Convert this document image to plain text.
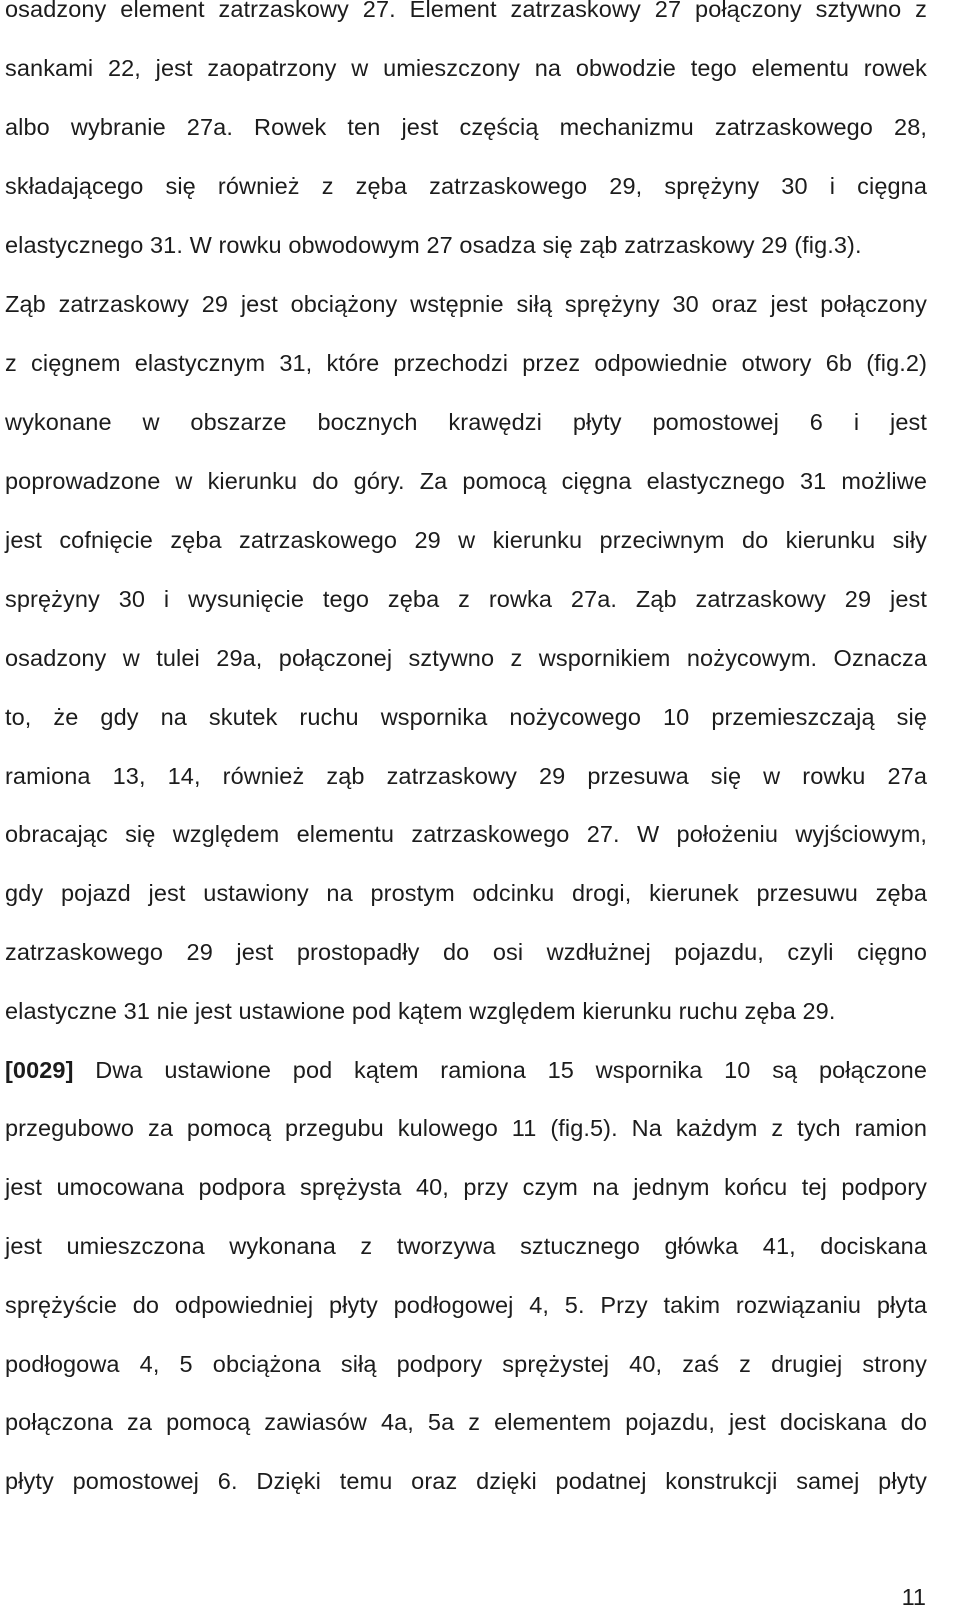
osadzony element zatrzaskowy 27. Element zatrzaskowy 27 połączony sztywno z
sankami 22, jest zaopatrzony w umieszczony na obwodzie tego elementu rowek
albo wybranie 27a. Rowek ten jest częścią mechanizmu zatrzaskowego 28,
składającego się również z zęba zatrzaskowego 29, sprężyny 30 i cięgna
elastycznego 31. W rowku obwodowym 27 osadza się ząb zatrzaskowy 29 (fig.3).
Ząb zatrzaskowy 29 jest obciążony wstępnie siłą sprężyny 30 oraz jest połączony
z cięgnem elastycznym 31, które przechodzi przez odpowiednie otwory 6b (fig.2)
wykonane w obszarze bocznych krawędzi płyty pomostowej 6 i jest
poprowadzone w kierunku do góry. Za pomocą cięgna elastycznego 31 możliwe
jest cofnięcie zęba zatrzaskowego 29 w kierunku przeciwnym do kierunku siły
sprężyny 30 i wysunięcie tego zęba z rowka 27a. Ząb zatrzaskowy 29 jest
osadzony w tulei 29a, połączonej sztywno z wspornikiem nożycowym. Oznacza
to, że gdy na skutek ruchu wspornika nożycowego 10 przemieszczają się
ramiona 13, 14, również ząb zatrzaskowy 29 przesuwa się w rowku 27a
obracając się względem elementu zatrzaskowego 27. W położeniu wyjściowym,
gdy pojazd jest ustawiony na prostym odcinku drogi, kierunek przesuwu zęba
zatrzaskowego 29 jest prostopadły do osi wzdłużnej pojazdu, czyli cięgno
elastyczne 31 nie jest ustawione pod kątem względem kierunku ruchu zęba 29.
[0029] Dwa ustawione pod kątem ramiona 15 wspornika 10 są połączone
przegubowo za pomocą przegubu kulowego 11 (fig.5). Na każdym z tych ramion
jest umocowana podpora sprężysta 40, przy czym na jednym końcu tej podpory
jest umieszczona wykonana z tworzywa sztucznego główka 41, dociskana
sprężyście do odpowiedniej płyty podłogowej 4, 5. Przy takim rozwiązaniu płyta
podłogowa 4, 5 obciążona siłą podpory sprężystej 40, zaś z drugiej strony
połączona za pomocą zawiasów 4a, 5a z elementem pojazdu, jest dociskana do
płyty pomostowej 6. Dzięki temu oraz dzięki podatnej konstrukcji samej płyty
11
